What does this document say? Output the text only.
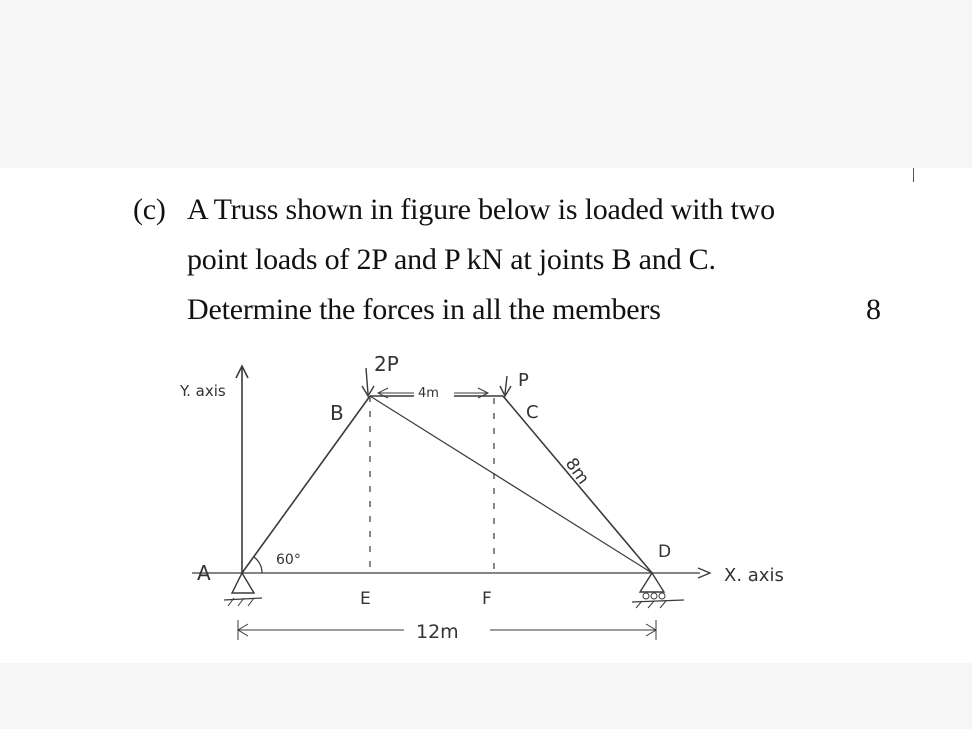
(c) A Truss shown in figure below is loaded with two
point loads of 2P and P kN at joints B and C.
Determine the forces in all the members	8
Y. axis
X. axis
2P
P
4m
8m
12m
60°
A
B	C
D
E	F
